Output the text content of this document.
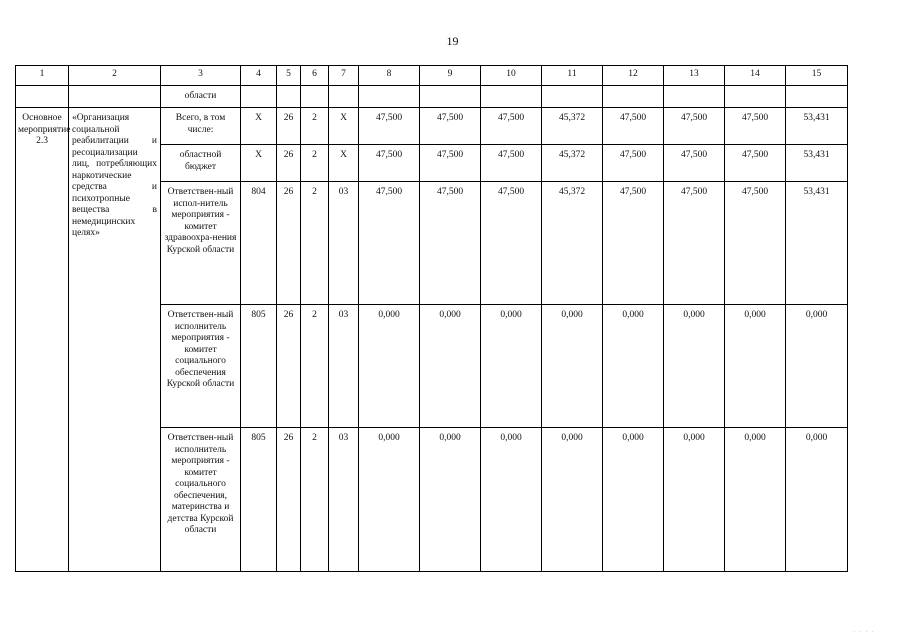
19
1	2	3	4	5	6	7	8	9	10	11	12	13	14	15
		области												
Основное мероприятие 2.3	«Организация социальной реабилитации и ресоциализации лиц, потребляющих наркотические средства и психотропные вещества в немедицинских целях»	Всего, в том числе:	X	26	2	X	47,500	47,500	47,500	45,372	47,500	47,500	47,500	53,431
		областной бюджет	X	26	2	X	47,500	47,500	47,500	45,372	47,500	47,500	47,500	53,431
		Ответствен-ный испол-нитель мероприятия - комитет здравоохра-нения Курской области	804	26	2	03	47,500	47,500	47,500	45,372	47,500	47,500	47,500	53,431
		Ответствен-ный исполнитель мероприятия - комитет социального обеспечения Курской области	805	26	2	03	0,000	0,000	0,000	0,000	0,000	0,000	0,000	0,000
		Ответствен-ный исполнитель мероприятия - комитет социального обеспечения, материнства и детства Курской области	805	26	2	03	0,000	0,000	0,000	0,000	0,000	0,000	0,000	0,000
· · · ·
